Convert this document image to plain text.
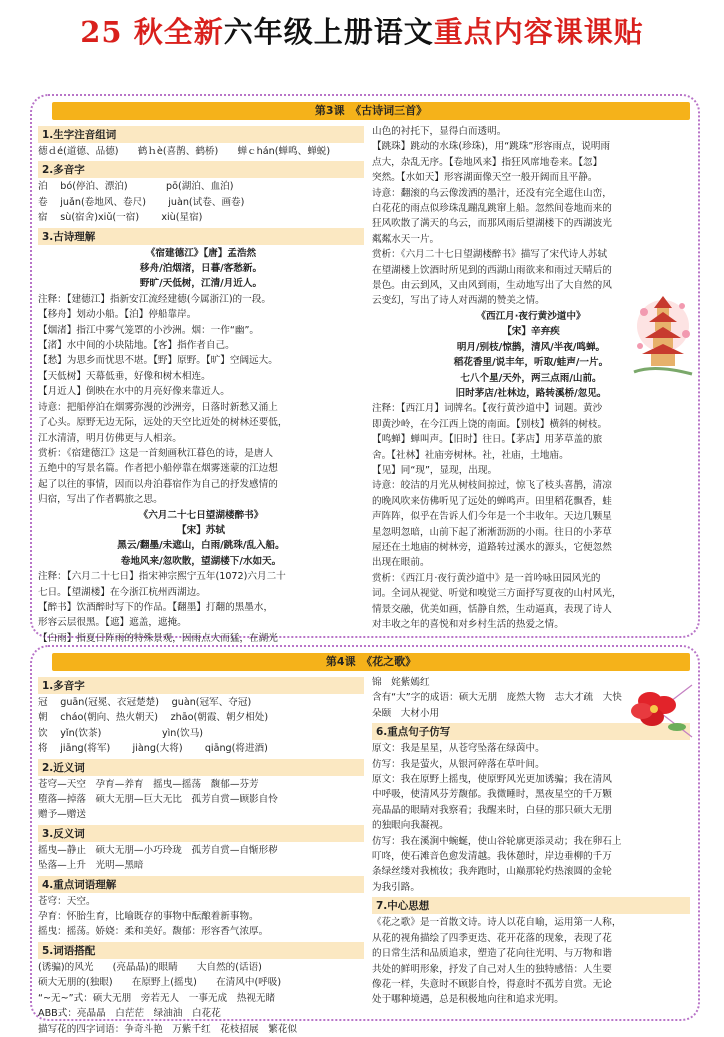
25 秋全新六年级上册语文重点内容课课贴
第3课　《古诗词三首》
1.生字注音组词
德ｄé(道德、品德)　　鹤ｈè(喜鹊、鹤桥)　　蝉ｃhán(蝉鸣、蝉蜕)
2.多音字
泊　 bó(停泊、漂泊)　　　　pō(湖泊、血泊)
卷　 juǎn(卷地风、卷尺)　　 juàn(试卷、画卷)
宿　 sù(宿舍)xiǔ(一宿)　　 xiù(星宿)
3.古诗理解
《宿建德江》【唐】孟浩然
移舟/泊烟渚，日暮/客愁新。
野旷/天低树，江清/月近人。
注释：【建德江】指新安江流经建德(今属浙江)的一段。
【移舟】划动小船。【泊】停船靠岸。
【烟渚】指江中雾气笼罩的小沙洲。烟：一作“幽”。
【渚】水中间的小块陆地。【客】指作者自己。
【愁】为思乡而忧思不堪。【野】原野。【旷】空阔远大。
【天低树】天幕低垂，好像和树木相连。
【月近人】倒映在水中的月亮好像来靠近人。
诗意：把船停泊在烟雾弥漫的沙洲旁，日落时新愁又涌上
了心头。原野无边无际，远处的天空比近处的树林还要低，
江水清清，明月仿佛更与人相亲。
赏析：《宿建德江》这是一首刻画秋江暮色的诗，是唐人
五绝中的写景名篇。作者把小船停靠在烟雾迷蒙的江边想
起了以往的事情，因而以舟泊暮宿作为自己的抒发感情的
归宿，写出了作者羁旅之思。
《六月二十七日望湖楼醉书》
【宋】苏轼
黑云/翻墨/未遮山，白雨/跳珠/乱入船。
卷地风来/忽吹散，望湖楼下/水如天。
注释：【六月二十七日】指宋神宗熙宁五年(1072)六月二十
七日。【望湖楼】在今浙江杭州西湖边。
【醉书】饮酒醉时写下的作品。【翻墨】打翻的黑墨水，
形容云层很黑。【遮】遮盖，遮掩。
【白雨】指夏日阵雨的特殊景观，因雨点大而猛，在湖光
山色的衬托下，显得白而透明。
【跳珠】跳动的水珠(珍珠)，用“跳珠”形容雨点，说明雨
点大，杂乱无序。【卷地风来】指狂风席地卷来。【忽】
突然。【水如天】形容湖面像天空一般开阔而且平静。
诗意：翻滚的乌云像泼洒的墨汁，还没有完全遮住山峦，
白花花的雨点似珍珠乱蹦乱跳窜上船。忽然间卷地而来的
狂风吹散了满天的乌云，而那风雨后望湖楼下的西湖波光
粼粼水天一片。
赏析：《六月二十七日望湖楼醉书》描写了宋代诗人苏轼
在望湖楼上饮酒时所见到的西湖山雨欲来和雨过天晴后的
景色。由云到风，又由风到雨，生动地写出了大自然的风
云变幻，写出了诗人对西湖的赞美之情。
《西江月·夜行黄沙道中》
【宋】辛弃疾
明月/别枝/惊鹊，清风/半夜/鸣蝉。
稻花香里/说丰年，听取/蛙声/一片。
七八个星/天外，两三点雨/山前。
旧时茅店/社林边，路转溪桥/忽见。
注释：【西江月】词牌名。【夜行黄沙道中】词题。黄沙
即黄沙岭，在今江西上饶的南面。【别枝】横斜的树枝。
【鸣蝉】蝉叫声。【旧时】往日。【茅店】用茅草盖的旅
舍。【社林】社庙旁树林。社，社庙，土地庙。
【见】同“现”，显现，出现。
诗意：皎洁的月光从树枝间掠过，惊飞了枝头喜鹊，清凉
的晚风吹来仿佛听见了远处的蝉鸣声。田里稻花飘香，蛙
声阵阵，似乎在告诉人们今年是一个丰收年。天边几颗星
星忽明忽暗，山前下起了淅淅沥沥的小雨。往日的小茅草
屋还在土地庙的树林旁，道路转过溪水的源头，它便忽然
出现在眼前。
赏析：《西江月·夜行黄沙道中》是一首吟咏田园风光的
词。全词从视觉、听觉和嗅觉三方面抒写夏夜的山村风光，
情景交融，优美如画，恬静自然，生动逼真，表现了诗人
对丰收之年的喜悦和对乡村生活的热爱之情。
第4课　《花之歌》
1.多音字
冠　 guān(冠冕、衣冠楚楚)　 guàn(冠军、夺冠)
朝　 cháo(朝向、热火朝天)　 zhāo(朝霞、朝夕相处)
饮　 yǐn(饮茶)　　　　　　 yìn(饮马)
将　 jiāng(将军)　　 jiàng(大将)　　 qiāng(将进酒)
2.近义词
苍穹—天空　孕育—养育　摇曳—摇荡　馥郁—芬芳
堕落—掉落　硕大无朋—巨大无比　孤芳自赏—顾影自怜
赠予—赠送
3.反义词
摇曳—静止　硕大无朋—小巧玲珑　孤芳自赏—自惭形秽
坠落—上升　光明—黑暗
4.重点词语理解
苍穹：天空。
孕育：怀胎生育，比喻既存的事物中酝酿着新事物。
摇曳：摇荡。娇娆：柔和美好。馥郁：形容香气浓厚。
5.词语搭配
(诱骗)的风光　　(亮晶晶)的眼睛　　大自然的(话语)
硕大无朋的(独眼)　　在原野上(摇曳)　　在清风中(呼吸)
“~无~”式：硕大无朋　旁若无人　一事无成　热视无睹
ABB式：亮晶晶　白茫茫　绿油油　白花花
描写花的四字词语：争奇斗艳　万紫千红　花枝招展　繁花似
锦　姹紫嫣红
含有“大”字的成语：硕大无朋　庞然大物　志大才疏　大快
朵颐　大材小用
6.重点句子仿写
原文：我是星星，从苍穹坠落在绿茵中。
仿写：我是萤火，从银河碎落在草叶间。
原文：我在原野上摇曳，使原野风光更加诱骗；我在清风
中呼吸，使清风芬芳馥郁。我微睡时，黑夜星空的千万颗
亮晶晶的眼睛对我察看；我醒来时，白昼的那只硕大无朋
的独眼向我凝视。
仿写：我在溪涧中蜿蜒，使山谷轮廓更添灵动；我在卵石上
叮咚，使石滩音色愈发清越。我休憩时，岸边垂柳的千万
条绿丝缕对我梳妆；我奔跑时，山巅那轮灼热滚圆的金轮
为我引路。
7.中心思想
《花之歌》是一首散文诗。诗人以花自喻，运用第一人称，
从花的视角描绘了四季更迭、花开花落的现象，表现了花
的日常生活和品质追求，塑造了花向往光明、与万物和谐
共处的鲜明形象，抒发了自己对人生的独特感悟：人生要
像花一样，失意时不顾影自怜，得意时不孤芳自赏。无论
处于哪种境遇，总是积极地向往和追求光明。
